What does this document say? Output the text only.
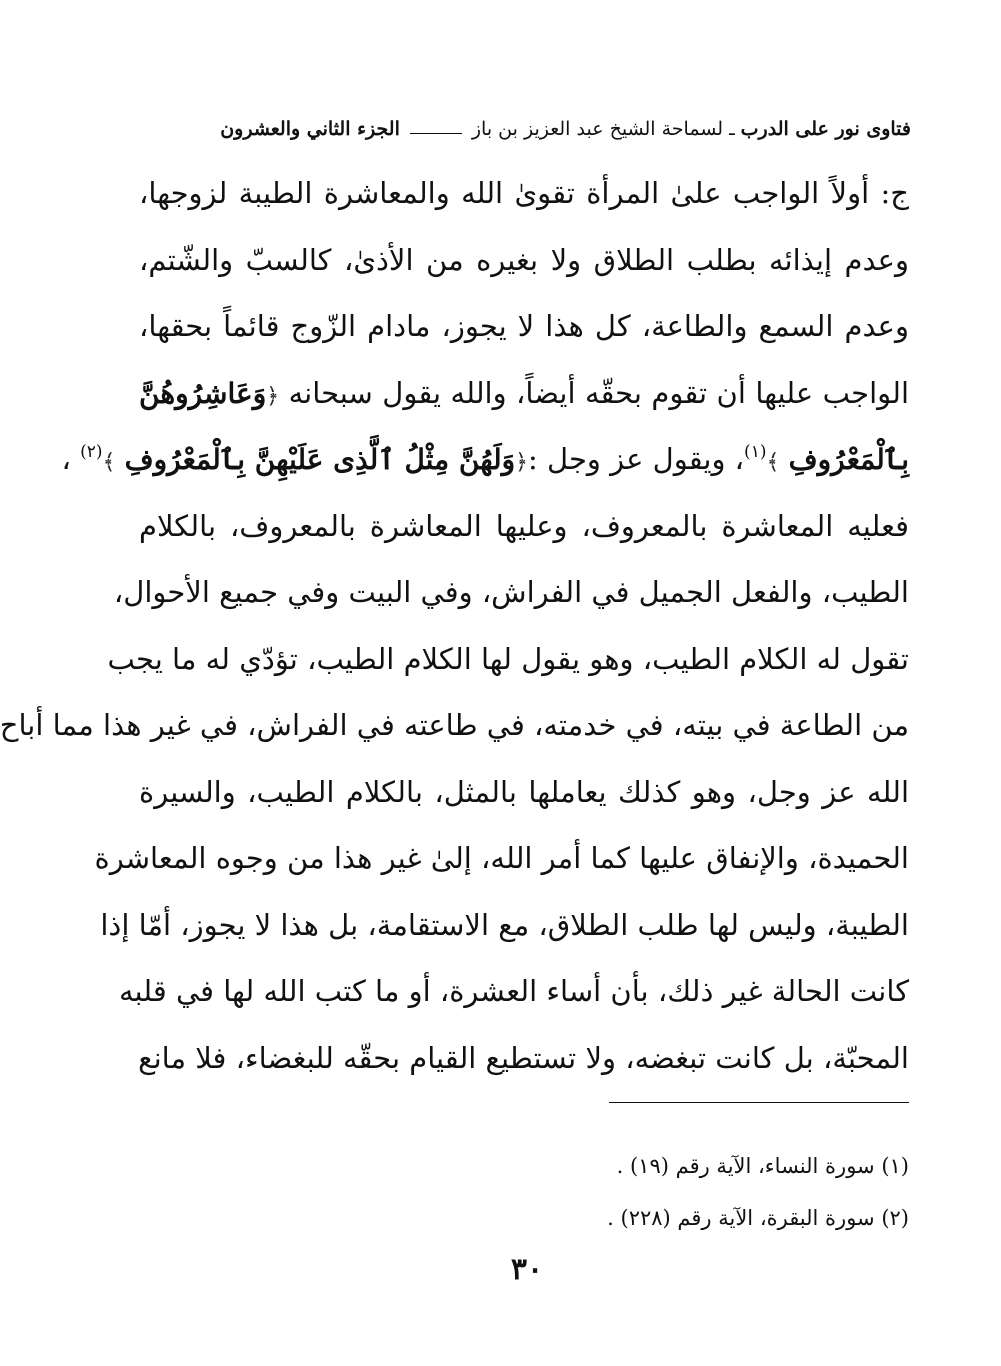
فتاوى نور على الدرب
ـ
لسماحة الشيخ عبد العزيز بن باز
الجزء الثاني والعشرون
ج: أولاً الواجب علىٰ المرأة تقوىٰ الله والمعاشرة الطيبة لزوجها،
وعدم إيذائه بطلب الطلاق ولا بغيره من الأذىٰ، كالسبّ والشّتم،
وعدم السمع والطاعة، كل هذا لا يجوز، مادام الزّوج قائماً بحقها،
الواجب عليها أن تقوم بحقّه أيضاً، والله يقول سبحانه ﴿وَعَاشِرُوهُنَّ
بِٱلْمَعْرُوفِ ﴾$^{(١)}$، ويقول عز وجل :﴿وَلَهُنَّ مِثْلُ ٱلَّذِى عَلَيْهِنَّ بِٱلْمَعْرُوفِ ﴾$^{(٢)}$ ،
فعليه المعاشرة بالمعروف، وعليها المعاشرة بالمعروف، بالكلام
الطيب، والفعل الجميل في الفراش، وفي البيت وفي جميع الأحوال،
تقول له الكلام الطيب، وهو يقول لها الكلام الطيب، تؤدّي له ما يجب
من الطاعة في بيته، في خدمته، في طاعته في الفراش، في غير هذا مما أباح
الله عز وجل، وهو كذلك يعاملها بالمثل، بالكلام الطيب، والسيرة
الحميدة، والإنفاق عليها كما أمر الله، إلىٰ غير هذا من وجوه المعاشرة
الطيبة، وليس لها طلب الطلاق، مع الاستقامة، بل هذا لا يجوز، أمّا إذا
كانت الحالة غير ذلك، بأن أساء العشرة، أو ما كتب الله لها في قلبه
المحبّة، بل كانت تبغضه، ولا تستطيع القيام بحقّه للبغضاء، فلا مانع
(١) سورة النساء، الآية رقم (١٩) .
(٢) سورة البقرة، الآية رقم (٢٢٨) .
٣٠
